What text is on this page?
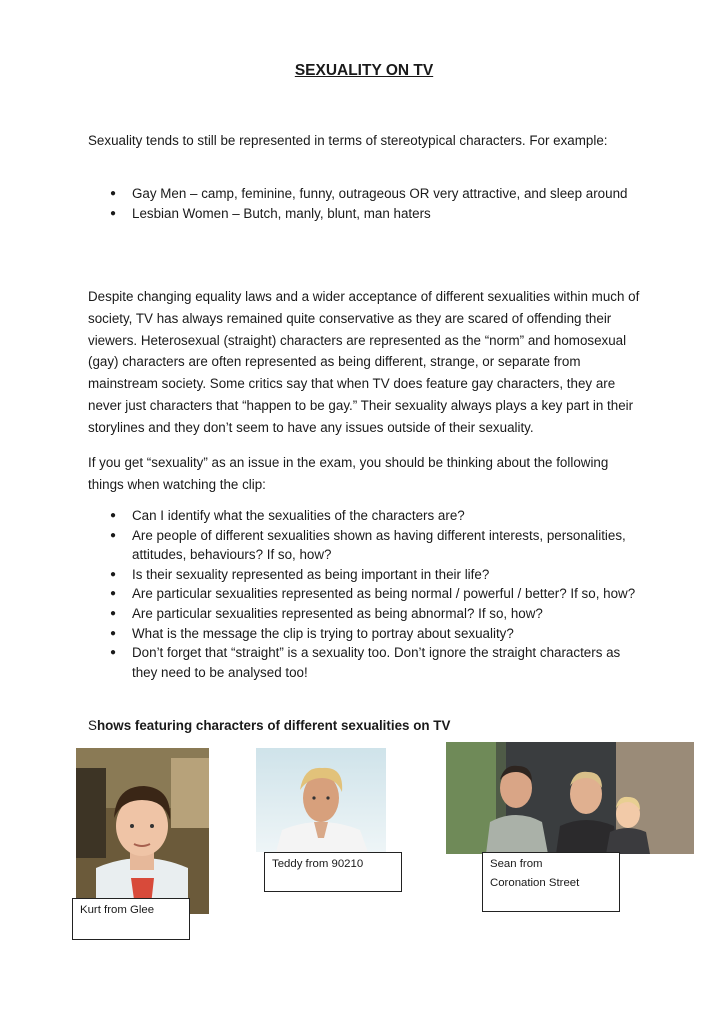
SEXUALITY ON TV

Sexuality tends to still be represented in terms of stereotypical characters. For example:

● Gay Men – camp, feminine, funny, outrageous OR very attractive, and sleep around
● Lesbian Women – Butch, manly, blunt, man haters

Despite changing equality laws and a wider acceptance of different sexualities within much of society, TV has always remained quite conservative as they are scared of offending their viewers. Heterosexual (straight) characters are represented as the “norm” and homosexual (gay) characters are often represented as being different, strange, or separate from mainstream society. Some critics say that when TV does feature gay characters, they are never just characters that “happen to be gay.” Their sexuality always plays a key part in their storylines and they don’t seem to have any issues outside of their sexuality.

If you get “sexuality” as an issue in the exam, you should be thinking about the following things when watching the clip:

● Can I identify what the sexualities of the characters are?
● Are people of different sexualities shown as having different interests, personalities, attitudes, behaviours? If so, how?
● Is their sexuality represented as being important in their life?
● Are particular sexualities represented as being normal / powerful / better? If so, how?
● Are particular sexualities represented as being abnormal? If so, how?
● What is the message the clip is trying to portray about sexuality?
● Don’t forget that “straight” is a sexuality too. Don’t ignore the straight characters as they need to be analysed too!
Shows featuring characters of different sexualities on TV
Kurt from Glee
Teddy from 90210	Sean from
Coronation Street
